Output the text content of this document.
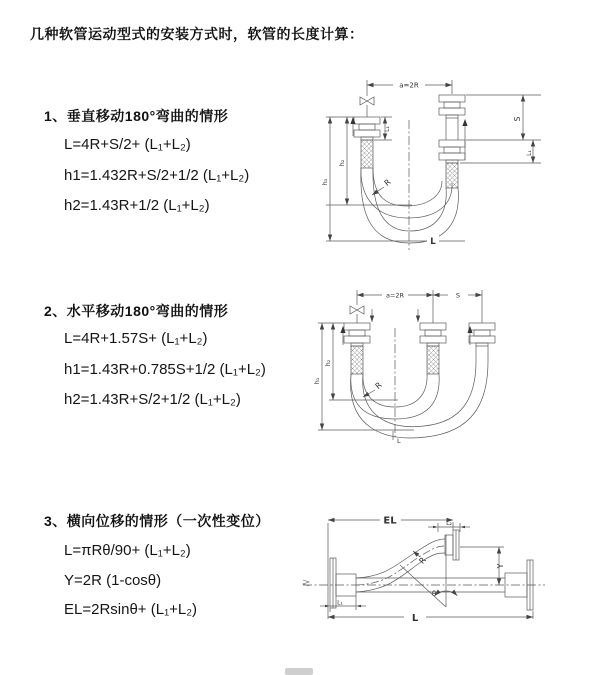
几种软管运动型式的安装方式时，软管的长度计算：
1、垂直移动180°弯曲的情形
L=4R+S/2+ (L₁+L₂)
h1=1.432R+S/2+1/2 (L₁+L₂)
h2=1.43R+1/2 (L₁+L₂)
2、水平移动180°弯曲的情形
L=4R+1.57S+ (L₁+L₂)
h1=1.43R+0.785S+1/2 (L₁+L₂)
h2=1.43R+S/2+1/2 (L₁+L₂)
3、横向位移的情形（一次性变位）
L=πRθ/90+ (L₁+L₂)
Y=2R (1-cosθ)
EL=2Rsinθ+ (L₁+L₂)
a=2R
S
L₁
L₁
h₁
h₂
R
L
a=2R	S
h₁
h₂
R
L
EL	L₂
Y
θ
R
L
L₁
